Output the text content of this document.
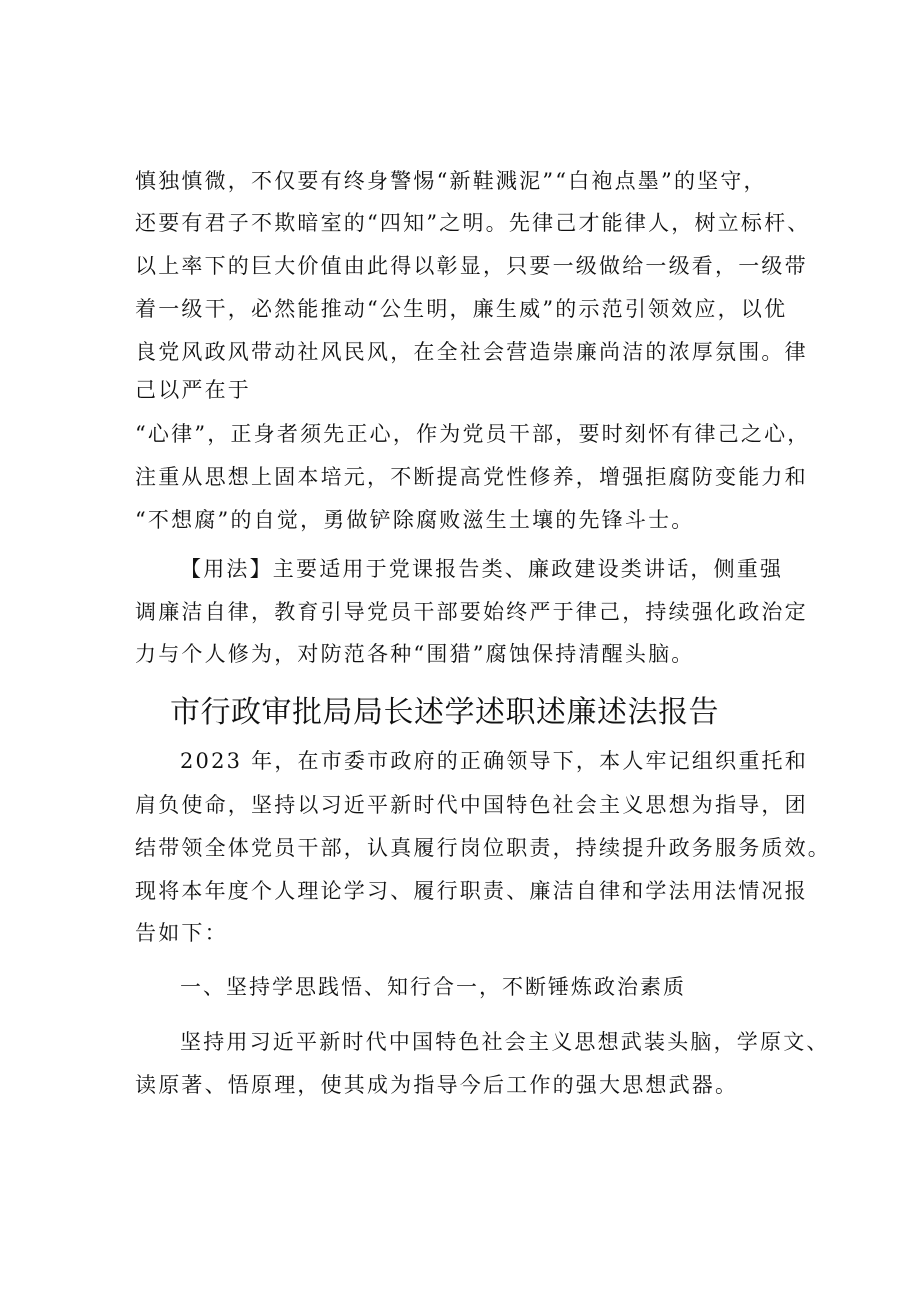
慎独慎微，不仅要有终身警惕“新鞋溅泥”“白袍点墨”的坚守，
还要有君子不欺暗室的“四知”之明。先律己才能律人，树立标杆、
以上率下的巨大价值由此得以彰显，只要一级做给一级看，一级带
着一级干，必然能推动“公生明，廉生威”的示范引领效应，以优
良党风政风带动社风民风，在全社会营造崇廉尚洁的浓厚氛围。律
己以严在于
“心律”，正身者须先正心，作为党员干部，要时刻怀有律己之心，
注重从思想上固本培元，不断提高党性修养，增强拒腐防变能力和
“不想腐”的自觉，勇做铲除腐败滋生土壤的先锋斗士。
【用法】主要适用于党课报告类、廉政建设类讲话，侧重强
调廉洁自律，教育引导党员干部要始终严于律己，持续强化政治定
力与个人修为，对防范各种“围猎”腐蚀保持清醒头脑。
市行政审批局局长述学述职述廉述法报告
2023 年，在市委市政府的正确领导下，本人牢记组织重托和
肩负使命，坚持以习近平新时代中国特色社会主义思想为指导，团
结带领全体党员干部，认真履行岗位职责，持续提升政务服务质效。
现将本年度个人理论学习、履行职责、廉洁自律和学法用法情况报
告如下：
一、坚持学思践悟、知行合一，不断锤炼政治素质
坚持用习近平新时代中国特色社会主义思想武装头脑，学原文、
读原著、悟原理，使其成为指导今后工作的强大思想武器。
